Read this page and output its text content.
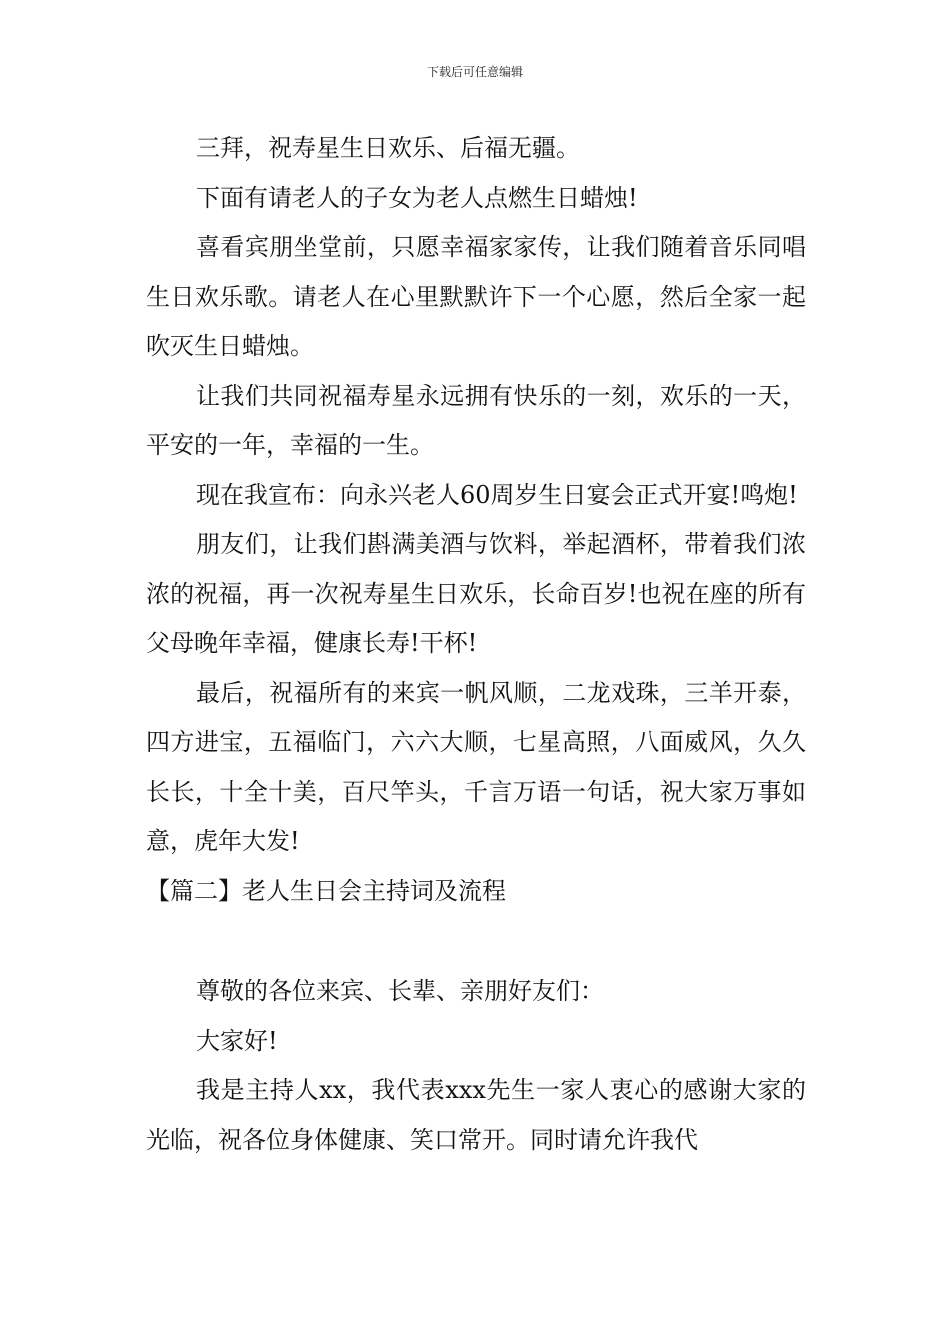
下载后可任意编辑

三拜，祝寿星生日欢乐、后福无疆。

下面有请老人的子女为老人点燃生日蜡烛!

喜看宾朋坐堂前，只愿幸福家家传，让我们随着音乐同唱生日欢乐歌。请老人在心里默默许下一个心愿，然后全家一起吹灭生日蜡烛。

让我们共同祝福寿星永远拥有快乐的一刻，欢乐的一天，平安的一年，幸福的一生。

现在我宣布：向永兴老人60周岁生日宴会正式开宴!鸣炮!

朋友们，让我们斟满美酒与饮料，举起酒杯，带着我们浓浓的祝福，再一次祝寿星生日欢乐，长命百岁!也祝在座的所有父母晚年幸福，健康长寿!干杯!

最后，祝福所有的来宾一帆风顺，二龙戏珠，三羊开泰，四方进宝，五福临门，六六大顺，七星高照，八面威风，久久长长，十全十美，百尺竿头，千言万语一句话，祝大家万事如意，虎年大发!

【篇二】老人生日会主持词及流程

尊敬的各位来宾、长辈、亲朋好友们：

大家好!

我是主持人xx，我代表xxx先生一家人衷心的感谢大家的光临，祝各位身体健康、笑口常开。同时请允许我代
